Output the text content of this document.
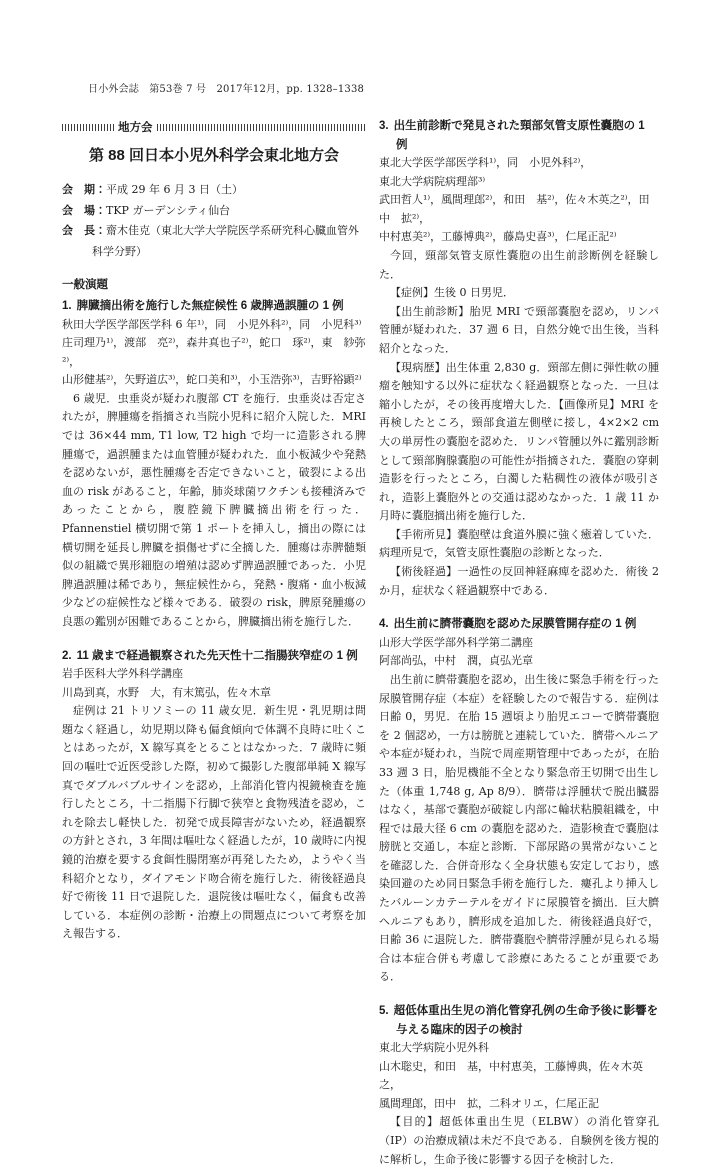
日小外会誌　第53巻 7 号　2017年12月，pp. 1328–1338
地方会
第 88 回日本小児外科学会東北地方会
会　期：平成 29 年 6 月 3 日（土）
会　場：TKP ガーデンシティ仙台
会　長：齋木佳克（東北大学大学院医学系研究科心臓血管外科学分野）
一般演題
1. 脾臓摘出術を施行した無症候性 6 歳脾過誤腫の 1 例
秋田大学医学部医学科 6 年¹⁾，同　小児外科²⁾，同　小児科³⁾
庄司理乃¹⁾，渡部　亮²⁾，森井真也子²⁾，蛇口　琢²⁾，東　紗弥²⁾，
山形健基²⁾，矢野道広³⁾，蛇口美和³⁾，小玉浩弥³⁾，吉野裕顕²⁾

6 歳児．虫垂炎が疑われ腹部 CT を施行．虫垂炎は否定されたが，脾腫瘍を指摘され当院小児科に紹介入院した．MRI では 36×44 mm, T1 low, T2 high で均一に造影される脾腫瘍で，過誤腫または血管腫が疑われた．血小板減少や発熱を認めないが，悪性腫瘍を否定できないこと，破裂による出血の risk があること，年齢，肺炎球菌ワクチンも接種済みであったことから，腹腔鏡下脾臓摘出術を行った．Pfannenstiel 横切開で第 1 ポートを挿入し，摘出の際には横切開を延長し脾臓を損傷せずに全摘した．腫瘍は赤脾髄類似の組織で異形細胞の増殖は認めず脾過誤腫であった．小児脾過誤腫は稀であり，無症候性から，発熱・腹痛・血小板減少などの症候性など様々である．破裂の risk，脾原発腫瘍の良悪の鑑別が困難であることから，脾臓摘出術を施行した．

2. 11 歳まで経過観察された先天性十二指腸狭窄症の 1 例
岩手医科大学外科学講座
川島到真，水野　大，有末篤弘，佐々木章

症例は 21 トリソミーの 11 歳女児．新生児・乳児期は問題なく経過し，幼児期以降も偏食傾向で体調不良時に吐くことはあったが，X 線写真をとることはなかった．7 歳時に頻回の嘔吐で近医受診した際，初めて撮影した腹部単純 X 線写真でダブルバブルサインを認め，上部消化管内視鏡検査を施行したところ，十二指腸下行脚で狭窄と食物残渣を認め，これを除去し軽快した．初発で成長障害がないため，経過観察の方針とされ，3 年間は嘔吐なく経過したが，10 歳時に内視鏡的治療を要する食餌性腸閉塞が再発したため，ようやく当科紹介となり，ダイアモンド吻合術を施行した．術後経過良好で術後 11 日で退院した．退院後は嘔吐なく，偏食も改善している．本症例の診断・治療上の問題点について考察を加え報告する．

3. 出生前診断で発見された頸部気管支原性嚢胞の 1 例
東北大学医学部医学科¹⁾，同　小児外科²⁾，
東北大学病院病理部³⁾
武田哲人¹⁾，風間理郎²⁾，和田　基²⁾，佐々木英之²⁾，田中　拡²⁾，
中村恵美²⁾，工藤博典²⁾，藤島史喜³⁾，仁尾正記²⁾

今回，頸部気管支原性嚢胞の出生前診断例を経験した．

【症例】生後 0 日男児．

【出生前診断】胎児 MRI で頸部嚢胞を認め，リンパ管腫が疑われた．37 週 6 日，自然分娩で出生後，当科紹介となった．

【現病歴】出生体重 2,830 g．頸部左側に弾性軟の腫瘤を触知する以外に症状なく経過観察となった．一旦は縮小したが，その後再度増大した．【画像所見】MRI を再検したところ，頸部食道左側壁に接し，4×2×2 cm 大の単房性の嚢胞を認めた．リンパ管腫以外に鑑別診断として頸部胸腺嚢胞の可能性が指摘された．嚢胞の穿刺造影を行ったところ，白濁した粘稠性の液体が吸引され，造影上嚢胞外との交通は認めなかった．1 歳 11 か月時に嚢胞摘出術を施行した．

【手術所見】嚢胞壁は食道外膜に強く癒着していた．病理所見で，気管支原性嚢胞の診断となった．

【術後経過】一過性の反回神経麻痺を認めた．術後 2 か月，症状なく経過観察中である．

4. 出生前に臍帯嚢胞を認めた尿膜管開存症の 1 例
山形大学医学部外科学第二講座
阿部尚弘，中村　潤，貞弘光章

出生前に臍帯嚢胞を認め，出生後に緊急手術を行った尿膜管開存症（本症）を経験したので報告する．症例は日齢 0，男児．在胎 15 週頃より胎児エコーで臍帯嚢胞を 2 個認め，一方は膀胱と連続していた．臍帯ヘルニアや本症が疑われ，当院で周産期管理中であったが，在胎 33 週 3 日，胎児機能不全となり緊急帝王切開で出生した（体重 1,748 g, Ap 8/9）．臍帯は浮腫状で脱出臓器はなく，基部で嚢胞が破綻し内部に輪状粘膜組織を，中程では最大径 6 cm の嚢胞を認めた．造影検査で嚢胞は膀胱と交通し，本症と診断．下部尿路の異常がないことを確認した．合併奇形なく全身状態も安定しており，感染回避のため同日緊急手術を施行した．瘻孔より挿入したバルーンカテーテルをガイドに尿膜管を摘出．巨大臍ヘルニアもあり，臍形成を追加した．術後経過良好で，日齢 36 に退院した．臍帯嚢胞や臍帯浮腫が見られる場合は本症合併も考慮して診療にあたることが重要である．

5. 超低体重出生児の消化管穿孔例の生命予後に影響を与える臨床的因子の検討
東北大学病院小児外科
山木聡史，和田　基，中村恵美，工藤博典，佐々木英之，
風間理郎，田中　拡，二科オリエ，仁尾正記

【目的】超低体重出生児（ELBW）の消化管穿孔（IP）の治療成績は未だ不良である．自験例を後方視的に解析し，生命予後に影響する因子を検討した．
